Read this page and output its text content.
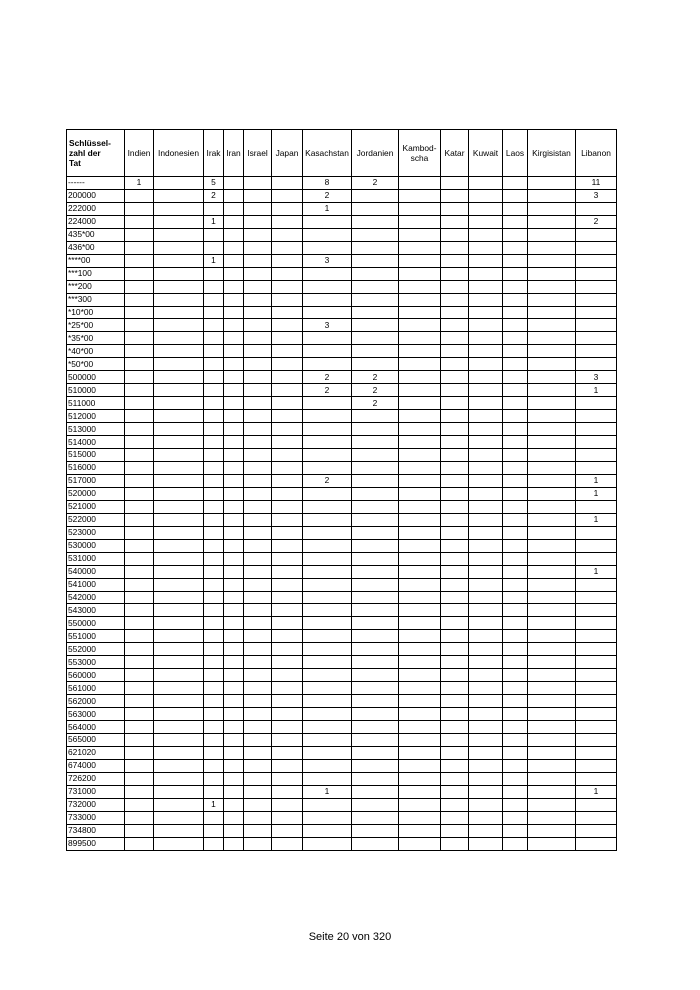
Schlüssel-
zahl der
Tat	Indien	Indonesien	Irak	Iran	Israel	Japan	Kasachstan	Jordanien	Kambod-
scha	Katar	Kuwait	Laos	Kirgisistan	Libanon
------	1		5				8	2						11
200000			2				2							3
222000							1							
224000			1											2
435*00														
436*00														
****00			1				3							
***100														
***200														
***300														
*10*00														
*25*00							3							
*35*00														
*40*00														
*50*00														
500000							2	2						3
510000							2	2						1
511000								2						
512000														
513000														
514000														
515000														
516000														
517000							2							1
520000														1
521000														
522000														1
523000														
530000														
531000														
540000														1
541000														
542000														
543000														
550000														
551000														
552000														
553000														
560000														
561000														
562000														
563000														
564000														
565000														
621020														
674000														
726200														
731000							1							1
732000			1											
733000														
734800														
899500														
Seite 20 von 320
